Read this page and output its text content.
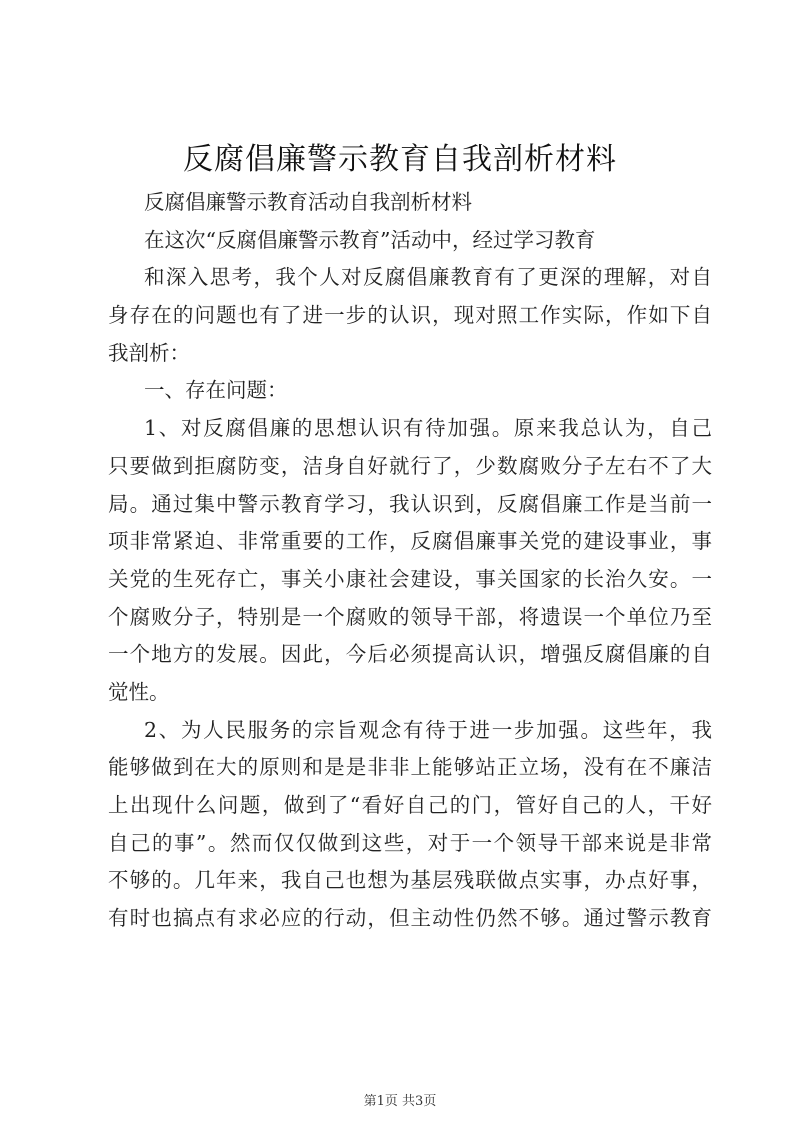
反腐倡廉警示教育自我剖析材料
反腐倡廉警示教育活动自我剖析材料
在这次“反腐倡廉警示教育”活动中，经过学习教育
和深入思考，我个人对反腐倡廉教育有了更深的理解，对自
身存在的问题也有了进一步的认识，现对照工作实际，作如下自
我剖析：
一、存在问题：
1、对反腐倡廉的思想认识有待加强。原来我总认为，自己
只要做到拒腐防变，洁身自好就行了，少数腐败分子左右不了大
局。通过集中警示教育学习，我认识到，反腐倡廉工作是当前一
项非常紧迫、非常重要的工作，反腐倡廉事关党的建设事业，事
关党的生死存亡，事关小康社会建设，事关国家的长治久安。一
个腐败分子，特别是一个腐败的领导干部，将遗误一个单位乃至
一个地方的发展。因此，今后必须提高认识，增强反腐倡廉的自
觉性。
2、为人民服务的宗旨观念有待于进一步加强。这些年，我
能够做到在大的原则和是是非非上能够站正立场，没有在不廉洁
上出现什么问题，做到了“看好自己的门，管好自己的人，干好
自己的事”。然而仅仅做到这些，对于一个领导干部来说是非常
不够的。几年来，我自己也想为基层残联做点实事，办点好事，
有时也搞点有求必应的行动，但主动性仍然不够。通过警示教育
第1页 共3页
